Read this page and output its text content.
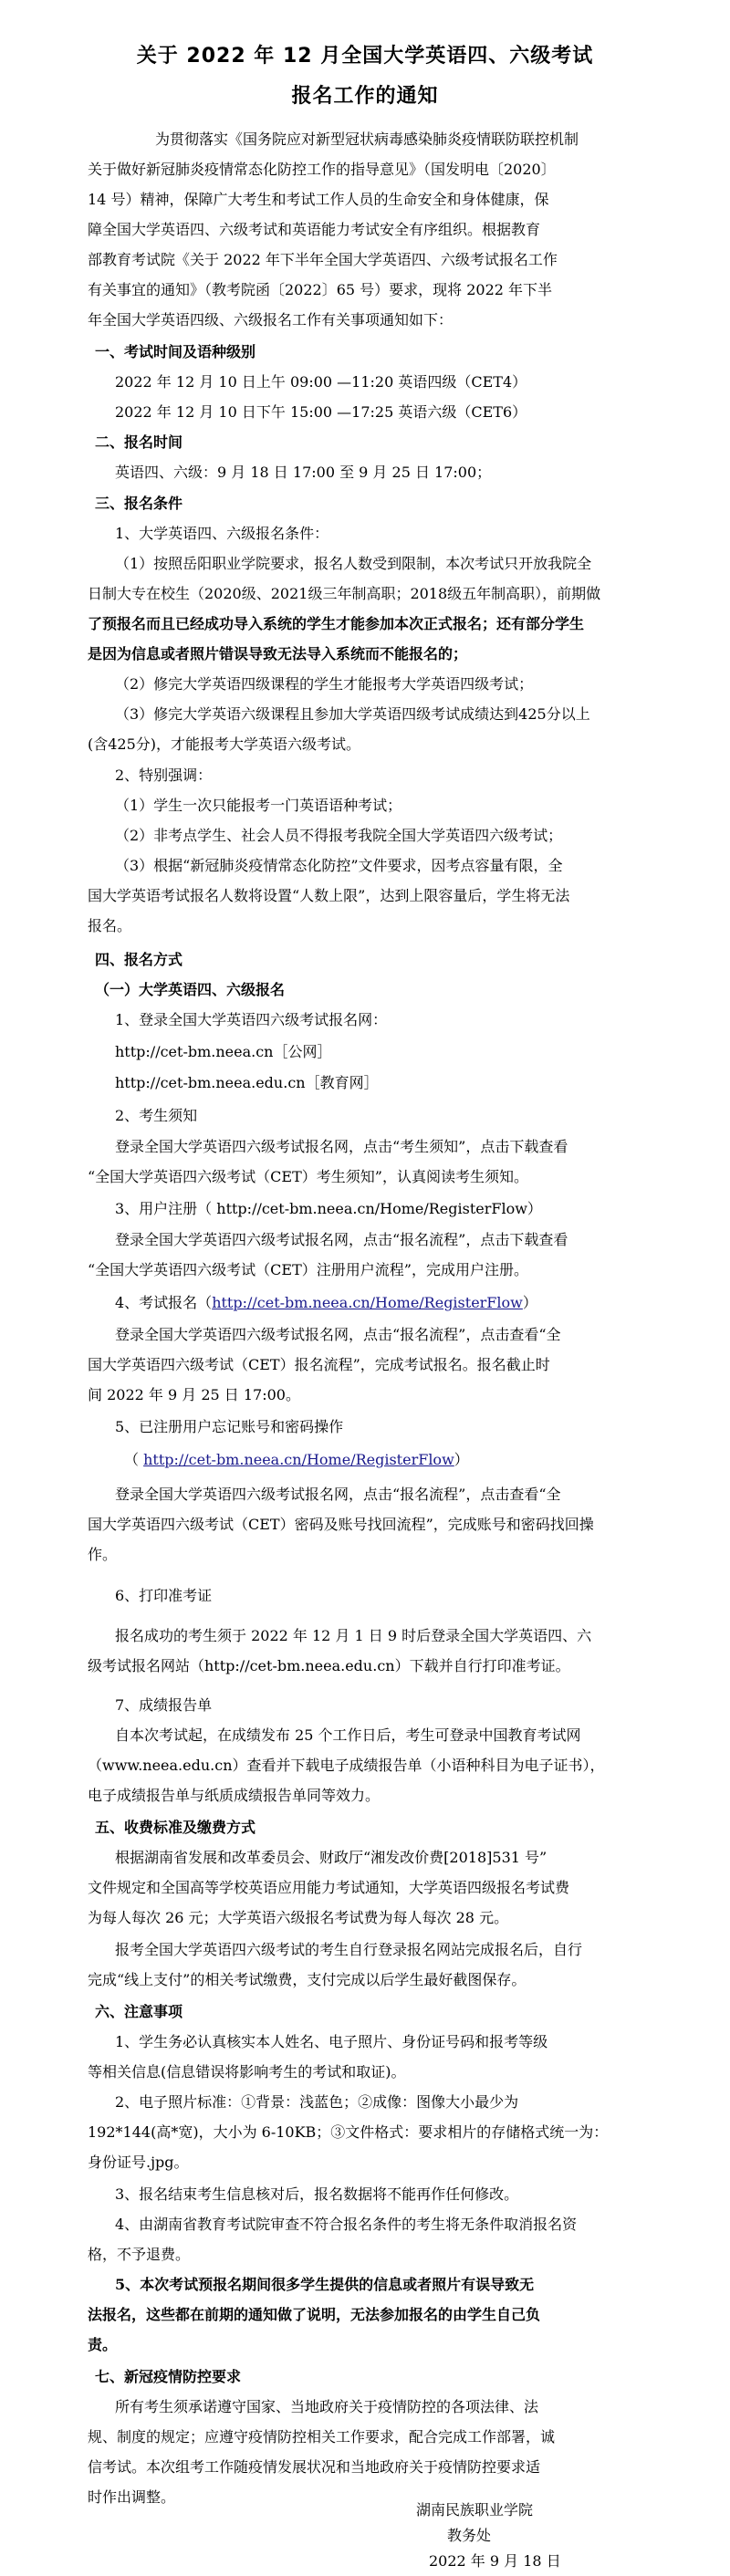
关于 2022 年 12 月全国大学英语四、六级考试
报名工作的通知
为贯彻落实《国务院应对新型冠状病毒感染肺炎疫情联防联控机制
关于做好新冠肺炎疫情常态化防控工作的指导意见》（国发明电〔2020〕
14 号）精神，保障广大考生和考试工作人员的生命安全和身体健康，保
障全国大学英语四、六级考试和英语能力考试安全有序组织。根据教育
部教育考试院《关于 2022 年下半年全国大学英语四、六级考试报名工作
有关事宜的通知》（教考院函〔2022〕65 号）要求，现将 2022 年下半
年全国大学英语四级、六级报名工作有关事项通知如下：
一、考试时间及语种级别
2022 年 12 月 10 日上午 09:00 —11:20 英语四级（CET4）
2022 年 12 月 10 日下午 15:00 —17:25 英语六级（CET6）
二、报名时间
英语四、六级：9 月 18 日 17:00 至 9 月 25 日 17:00；
三、报名条件
1、大学英语四、六级报名条件：
（1）按照岳阳职业学院要求，报名人数受到限制，本次考试只开放我院全
日制大专在校生（2020级、2021级三年制高职；2018级五年制高职），前期做
了预报名而且已经成功导入系统的学生才能参加本次正式报名；还有部分学生
是因为信息或者照片错误导致无法导入系统而不能报名的；
（2）修完大学英语四级课程的学生才能报考大学英语四级考试；
（3）修完大学英语六级课程且参加大学英语四级考试成绩达到425分以上
(含425分)，才能报考大学英语六级考试。
2、特别强调：
（1）学生一次只能报考一门英语语种考试；
（2）非考点学生、社会人员不得报考我院全国大学英语四六级考试；
（3）根据“新冠肺炎疫情常态化防控”文件要求，因考点容量有限，全
国大学英语考试报名人数将设置“人数上限”，达到上限容量后，学生将无法
报名。
四、报名方式
（一）大学英语四、六级报名
1、登录全国大学英语四六级考试报名网：
http://cet-bm.neea.cn［公网］
http://cet-bm.neea.edu.cn［教育网］
2、考生须知
登录全国大学英语四六级考试报名网，点击“考生须知”，点击下载查看
“全国大学英语四六级考试（CET）考生须知”，认真阅读考生须知。
3、用户注册（ http://cet-bm.neea.cn/Home/RegisterFlow）
登录全国大学英语四六级考试报名网，点击“报名流程”，点击下载查看
“全国大学英语四六级考试（CET）注册用户流程”，完成用户注册。
4、考试报名（http://cet-bm.neea.cn/Home/RegisterFlow）
登录全国大学英语四六级考试报名网，点击“报名流程”，点击查看“全
国大学英语四六级考试（CET）报名流程”，完成考试报名。报名截止时
间 2022 年 9 月 25 日 17:00。
5、已注册用户忘记账号和密码操作
（ http://cet-bm.neea.cn/Home/RegisterFlow）
登录全国大学英语四六级考试报名网，点击“报名流程”，点击查看“全
国大学英语四六级考试（CET）密码及账号找回流程”，完成账号和密码找回操
作。
6、打印准考证
报名成功的考生须于 2022 年 12 月 1 日 9 时后登录全国大学英语四、六
级考试报名网站（http://cet-bm.neea.edu.cn）下载并自行打印准考证。
7、成绩报告单
自本次考试起，在成绩发布 25 个工作日后，考生可登录中国教育考试网
（www.neea.edu.cn）查看并下载电子成绩报告单（小语种科目为电子证书），
电子成绩报告单与纸质成绩报告单同等效力。
五、收费标准及缴费方式
根据湖南省发展和改革委员会、财政厅“湘发改价费[2018]531 号”
文件规定和全国高等学校英语应用能力考试通知，大学英语四级报名考试费
为每人每次 26 元；大学英语六级报名考试费为每人每次 28 元。
报考全国大学英语四六级考试的考生自行登录报名网站完成报名后，自行
完成“线上支付”的相关考试缴费，支付完成以后学生最好截图保存。
六、注意事项
1、学生务必认真核实本人姓名、电子照片、身份证号码和报考等级
等相关信息(信息错误将影响考生的考试和取证)。
2、电子照片标准：①背景：浅蓝色；②成像：图像大小最少为
192*144(高*宽)，大小为 6-10KB；③文件格式：要求相片的存储格式统一为：
身份证号.jpg。
3、报名结束考生信息核对后，报名数据将不能再作任何修改。
4、由湖南省教育考试院审查不符合报名条件的考生将无条件取消报名资
格，不予退费。
5、本次考试预报名期间很多学生提供的信息或者照片有误导致无
法报名，这些都在前期的通知做了说明，无法参加报名的由学生自己负
责。
七、新冠疫情防控要求
所有考生须承诺遵守国家、当地政府关于疫情防控的各项法律、法
规、制度的规定；应遵守疫情防控相关工作要求，配合完成工作部署，诚
信考试。本次组考工作随疫情发展状况和当地政府关于疫情防控要求适
时作出调整。
湖南民族职业学院
教务处
2022 年 9 月 18 日
